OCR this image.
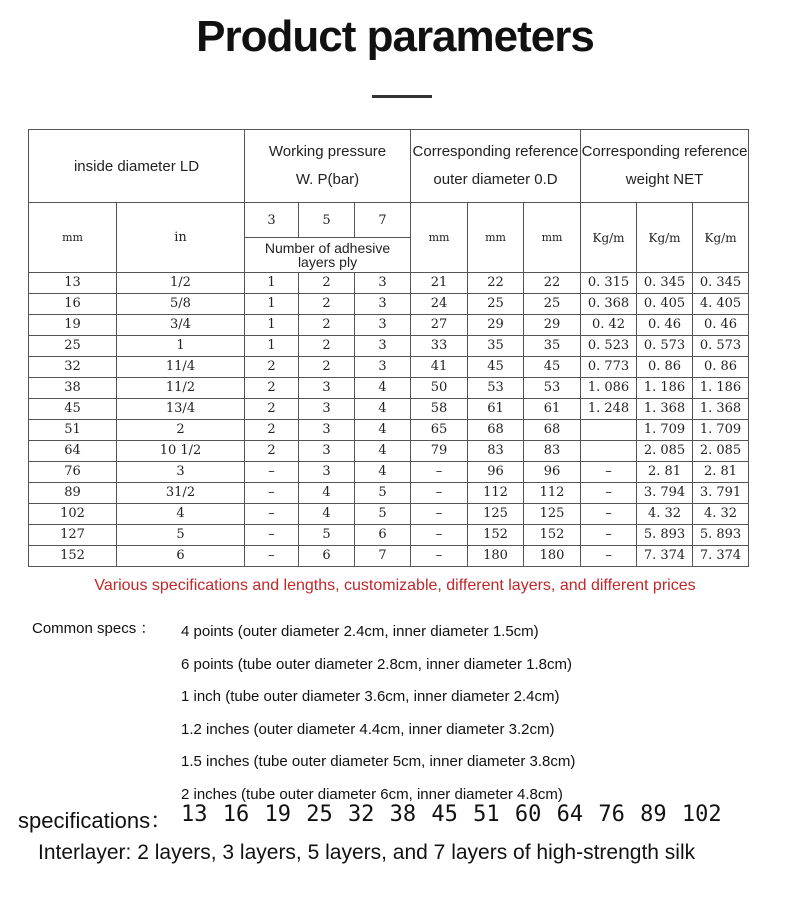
Product parameters
inside diameter LD		Working pressure
W. P(bar)			Corresponding reference
outer diameter 0.D			Corresponding reference
weight NET		

mm	in	3	5	7	mm	mm	mm	Kg/m	Kg/m	Kg/m
		Number of adhesive layers ply								
13	1/2	1	2	3	21	22	22	0. 315	0. 345	0. 345
16	5/8	1	2	3	24	25	25	0. 368	0. 405	4. 405
19	3/4	1	2	3	27	29	29	0. 42	0. 46	0. 46
25	1	1	2	3	33	35	35	0. 523	0. 573	0. 573
32	11/4	2	2	3	41	45	45	0. 773	0. 86	0. 86
38	11/2	2	3	4	50	53	53	1. 086	1. 186	1. 186
45	13/4	2	3	4	58	61	61	1. 248	1. 368	1. 368
51	2	2	3	4	65	68	68		1. 709	1. 709
64	10 1/2	2	3	4	79	83	83		2. 085	2. 085
76	3	–	3	4	–	96	96	–	2. 81	2. 81
89	31/2	–	4	5	–	112	112	–	3. 794	3. 791
102	4	–	4	5	–	125	125	–	4. 32	4. 32
127	5	–	5	6	–	152	152	–	5. 893	5. 893
152	6	–	6	7	–	180	180	–	7. 374	7. 374
Various specifications and lengths, customizable, different layers, and different prices
Common specs ： 4 points (outer diameter 2.4cm, inner diameter 1.5cm)
6 points (tube outer diameter 2.8cm, inner diameter 1.8cm)
1 inch (tube outer diameter 3.6cm, inner diameter 2.4cm)
1.2 inches (outer diameter 4.4cm, inner diameter 3.2cm)
1.5 inches (tube outer diameter 5cm, inner diameter 3.8cm)
2 inches (tube outer diameter 6cm, inner diameter 4.8cm)
specifications： 13 16 19 25 32 38 45 51 60 64 76 89 102
Interlayer: 2 layers, 3 layers, 5 layers, and 7 layers of high-strength silk
